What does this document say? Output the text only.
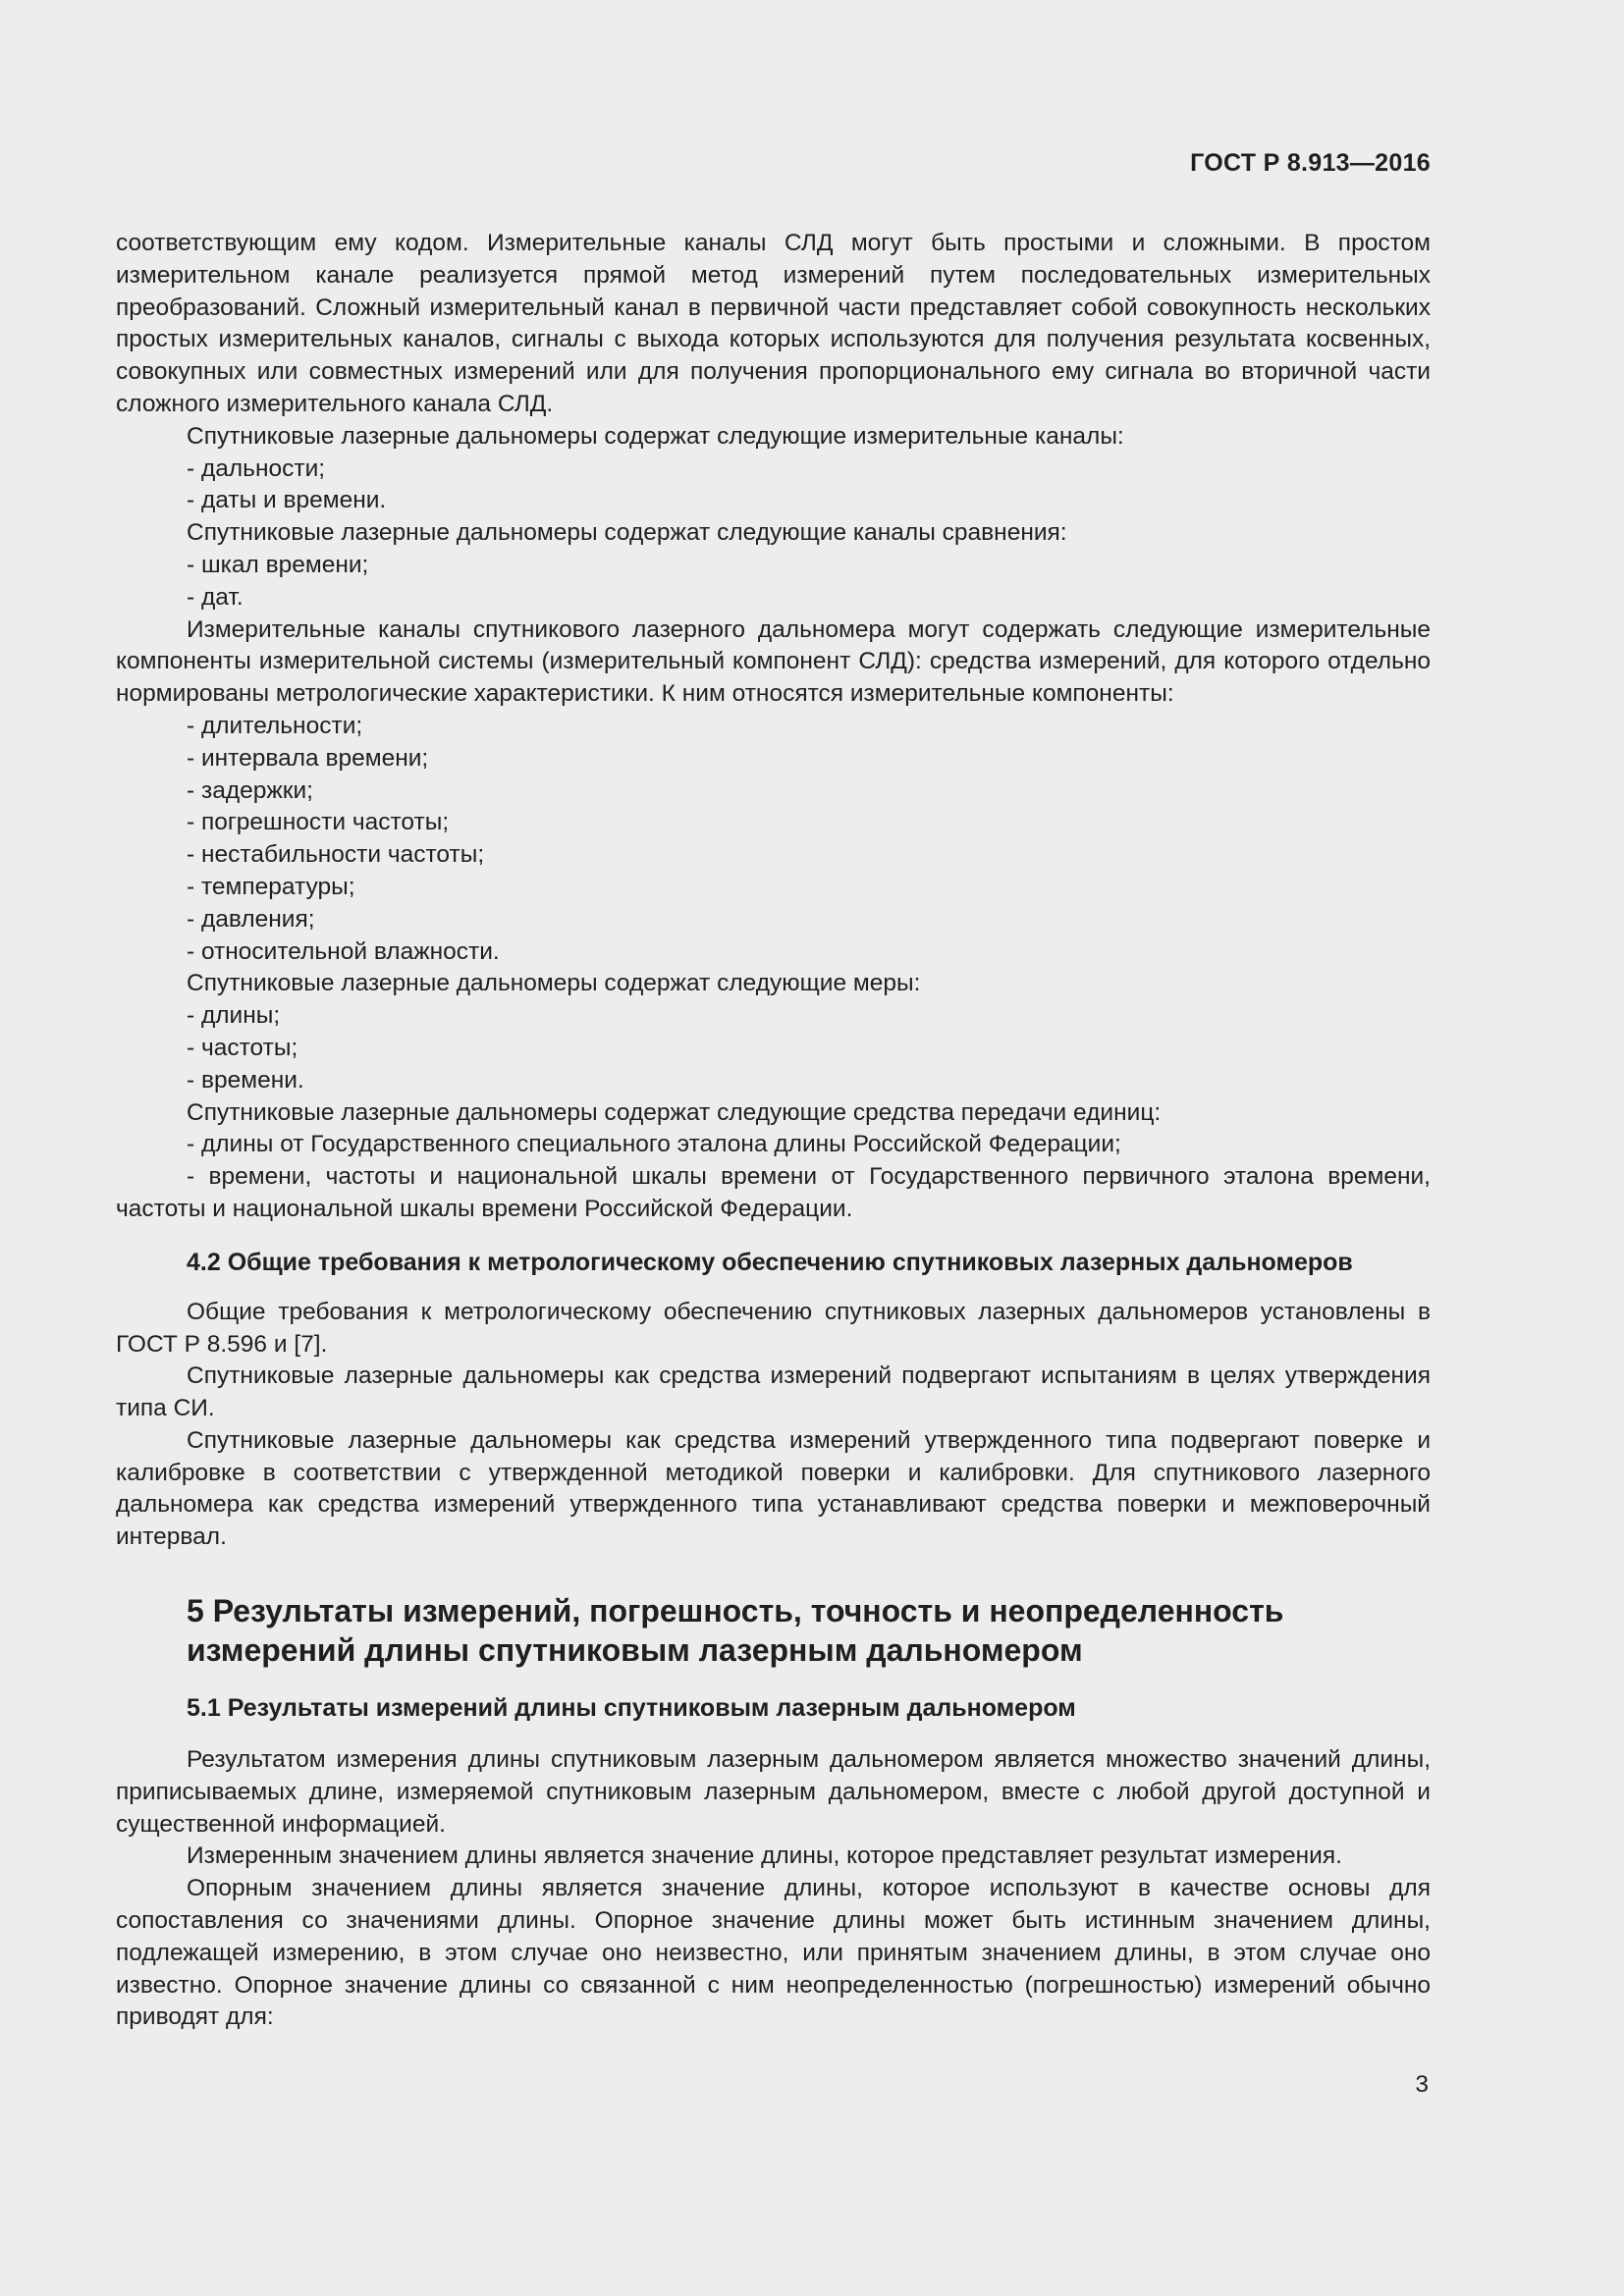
ГОСТ Р 8.913—2016

соответствующим ему кодом. Измерительные каналы СЛД могут быть простыми и сложными. В простом измерительном канале реализуется прямой метод измерений путем последовательных измерительных преобразований. Сложный измерительный канал в первичной части представляет собой совокупность нескольких простых измерительных каналов, сигналы с выхода которых используются для получения результата косвенных, совокупных или совместных измерений или для получения пропорционального ему сигнала во вторичной части сложного измерительного канала СЛД.

Спутниковые лазерные дальномеры содержат следующие измерительные каналы:

- дальности;

- даты и времени.

Спутниковые лазерные дальномеры содержат следующие каналы сравнения:

- шкал времени;

- дат.

Измерительные каналы спутникового лазерного дальномера могут содержать следующие измерительные компоненты измерительной системы (измерительный компонент СЛД): средства измерений, для которого отдельно нормированы метрологические характеристики. К ним относятся измерительные компоненты:

- длительности;

- интервала времени;

- задержки;

- погрешности частоты;

- нестабильности частоты;

- температуры;

- давления;

- относительной влажности.

Спутниковые лазерные дальномеры содержат следующие меры:

- длины;

- частоты;

- времени.

Спутниковые лазерные дальномеры содержат следующие средства передачи единиц:

- длины от Государственного специального эталона длины Российской Федерации;

- времени, частоты и национальной шкалы времени от Государственного первичного эталона времени, частоты и национальной шкалы времени Российской Федерации.

4.2 Общие требования к метрологическому обеспечению спутниковых лазерных дальномеров

Общие требования к метрологическому обеспечению спутниковых лазерных дальномеров установлены в ГОСТ Р 8.596 и [7].

Спутниковые лазерные дальномеры как средства измерений подвергают испытаниям в целях утверждения типа СИ.

Спутниковые лазерные дальномеры как средства измерений утвержденного типа подвергают поверке и калибровке в соответствии с утвержденной методикой поверки и калибровки. Для спутникового лазерного дальномера как средства измерений утвержденного типа устанавливают средства поверки и межповерочный интервал.

5 Результаты измерений, погрешность, точность и неопределенность измерений длины спутниковым лазерным дальномером
5.1 Результаты измерений длины спутниковым лазерным дальномером

Результатом измерения длины спутниковым лазерным дальномером является множество значений длины, приписываемых длине, измеряемой спутниковым лазерным дальномером, вместе с любой другой доступной и существенной информацией.

Измеренным значением длины является значение длины, которое представляет результат измерения.

Опорным значением длины является значение длины, которое используют в качестве основы для сопоставления со значениями длины. Опорное значение длины может быть истинным значением длины, подлежащей измерению, в этом случае оно неизвестно, или принятым значением длины, в этом случае оно известно. Опорное значение длины со связанной с ним неопределенностью (погрешностью) измерений обычно приводят для:

3
